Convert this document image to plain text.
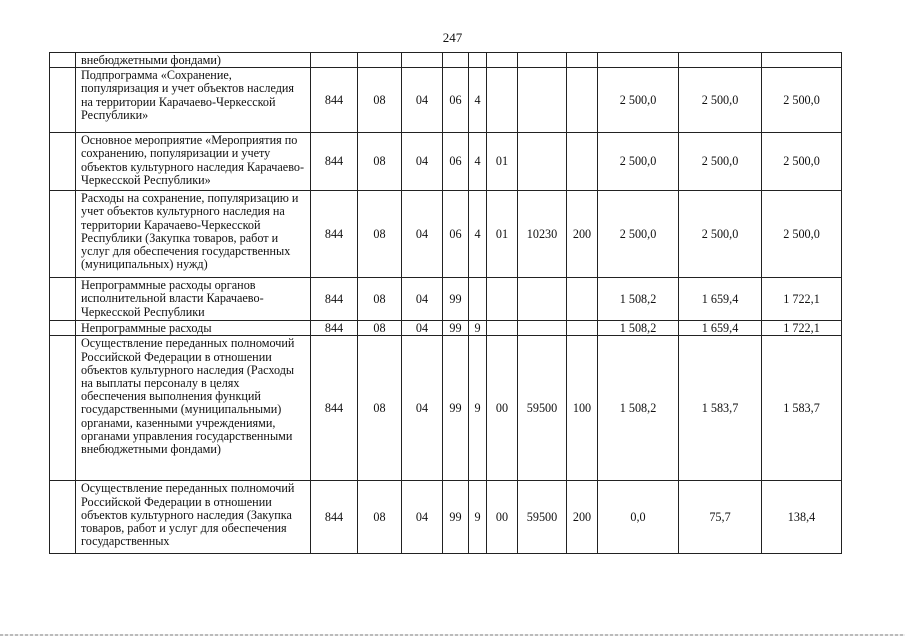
247
	внебюджетными фондами)											
	Подпрограмма «Сохранение, популяризация и учет объектов наследия на территории Карачаево-Черкесской Республики»	844	08	04	06	4				2 500,0	2 500,0	2 500,0
	Основное мероприятие «Мероприятия по сохранению, популяризации и учету объектов культурного наследия Карачаево-Черкесской Республики»	844	08	04	06	4	01			2 500,0	2 500,0	2 500,0
	Расходы на сохранение, популяризацию и учет объектов культурного наследия на территории Карачаево-Черкесской Республики (Закупка товаров, работ и услуг для обеспечения государственных (муниципальных) нужд)	844	08	04	06	4	01	10230	200	2 500,0	2 500,0	2 500,0
	Непрограммные расходы органов исполнительной власти Карачаево-Черкесской Республики	844	08	04	99					1 508,2	1 659,4	1 722,1
	Непрограммные расходы	844	08	04	99	9				1 508,2	1 659,4	1 722,1
	Осуществление переданных полномочий Российской Федерации в отношении объектов культурного наследия (Расходы на выплаты персоналу в целях обеспечения выполнения функций государственными (муниципальными) органами, казенными учреждениями, органами управления государственными внебюджетными фондами)	844	08	04	99	9	00	59500	100	1 508,2	1 583,7	1 583,7
	Осуществление переданных полномочий Российской Федерации в отношении объектов культурного наследия (Закупка товаров, работ и услуг для обеспечения государственных	844	08	04	99	9	00	59500	200	0,0	75,7	138,4
